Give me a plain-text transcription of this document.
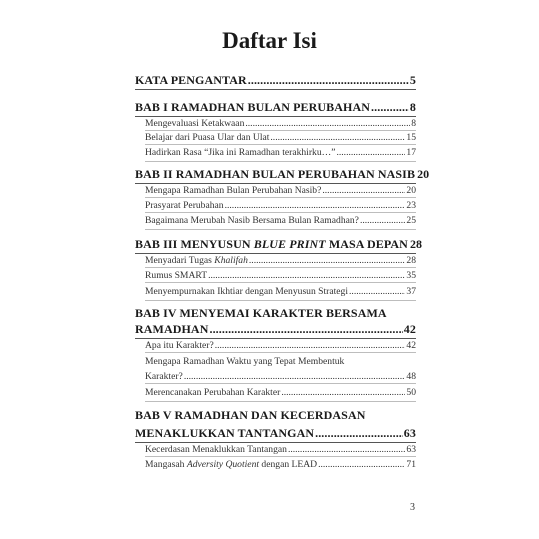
Daftar Isi
KATA PENGANTAR .....	5
BAB I RAMADHAN BULAN PERUBAHAN .....	8
Mengevaluasi Ketakwaan .....	8
Belajar dari Puasa Ular dan Ulat .....	15
Hadirkan Rasa “Jika ini Ramadhan terakhirku…” .....	17
BAB II RAMADHAN BULAN PERUBAHAN NASIB 20
Mengapa Ramadhan Bulan Perubahan Nasib? .....	20
Prasyarat Perubahan .....	23
Bagaimana Merubah Nasib Bersama Bulan Ramadhan? .....	25
BAB III MENYUSUN BLUE PRINT MASA DEPAN 28
Menyadari Tugas Khalifah .....	28
Rumus SMART .....	35
Menyempurnakan Ikhtiar dengan Menyusun Strategi .....	37
BAB IV MENYEMAI KARAKTER BERSAMA
RAMADHAN .....	42
Apa itu Karakter? .....	42
Mengapa Ramadhan Waktu yang Tepat Membentuk
Karakter? .....	48
Merencanakan Perubahan Karakter .....	50
BAB V RAMADHAN DAN KECERDASAN
MENAKLUKKAN TANTANGAN .....	63
Kecerdasan Menaklukkan Tantangan .....	63
Mangasah Adversity Quotient dengan LEAD .....	71
3
